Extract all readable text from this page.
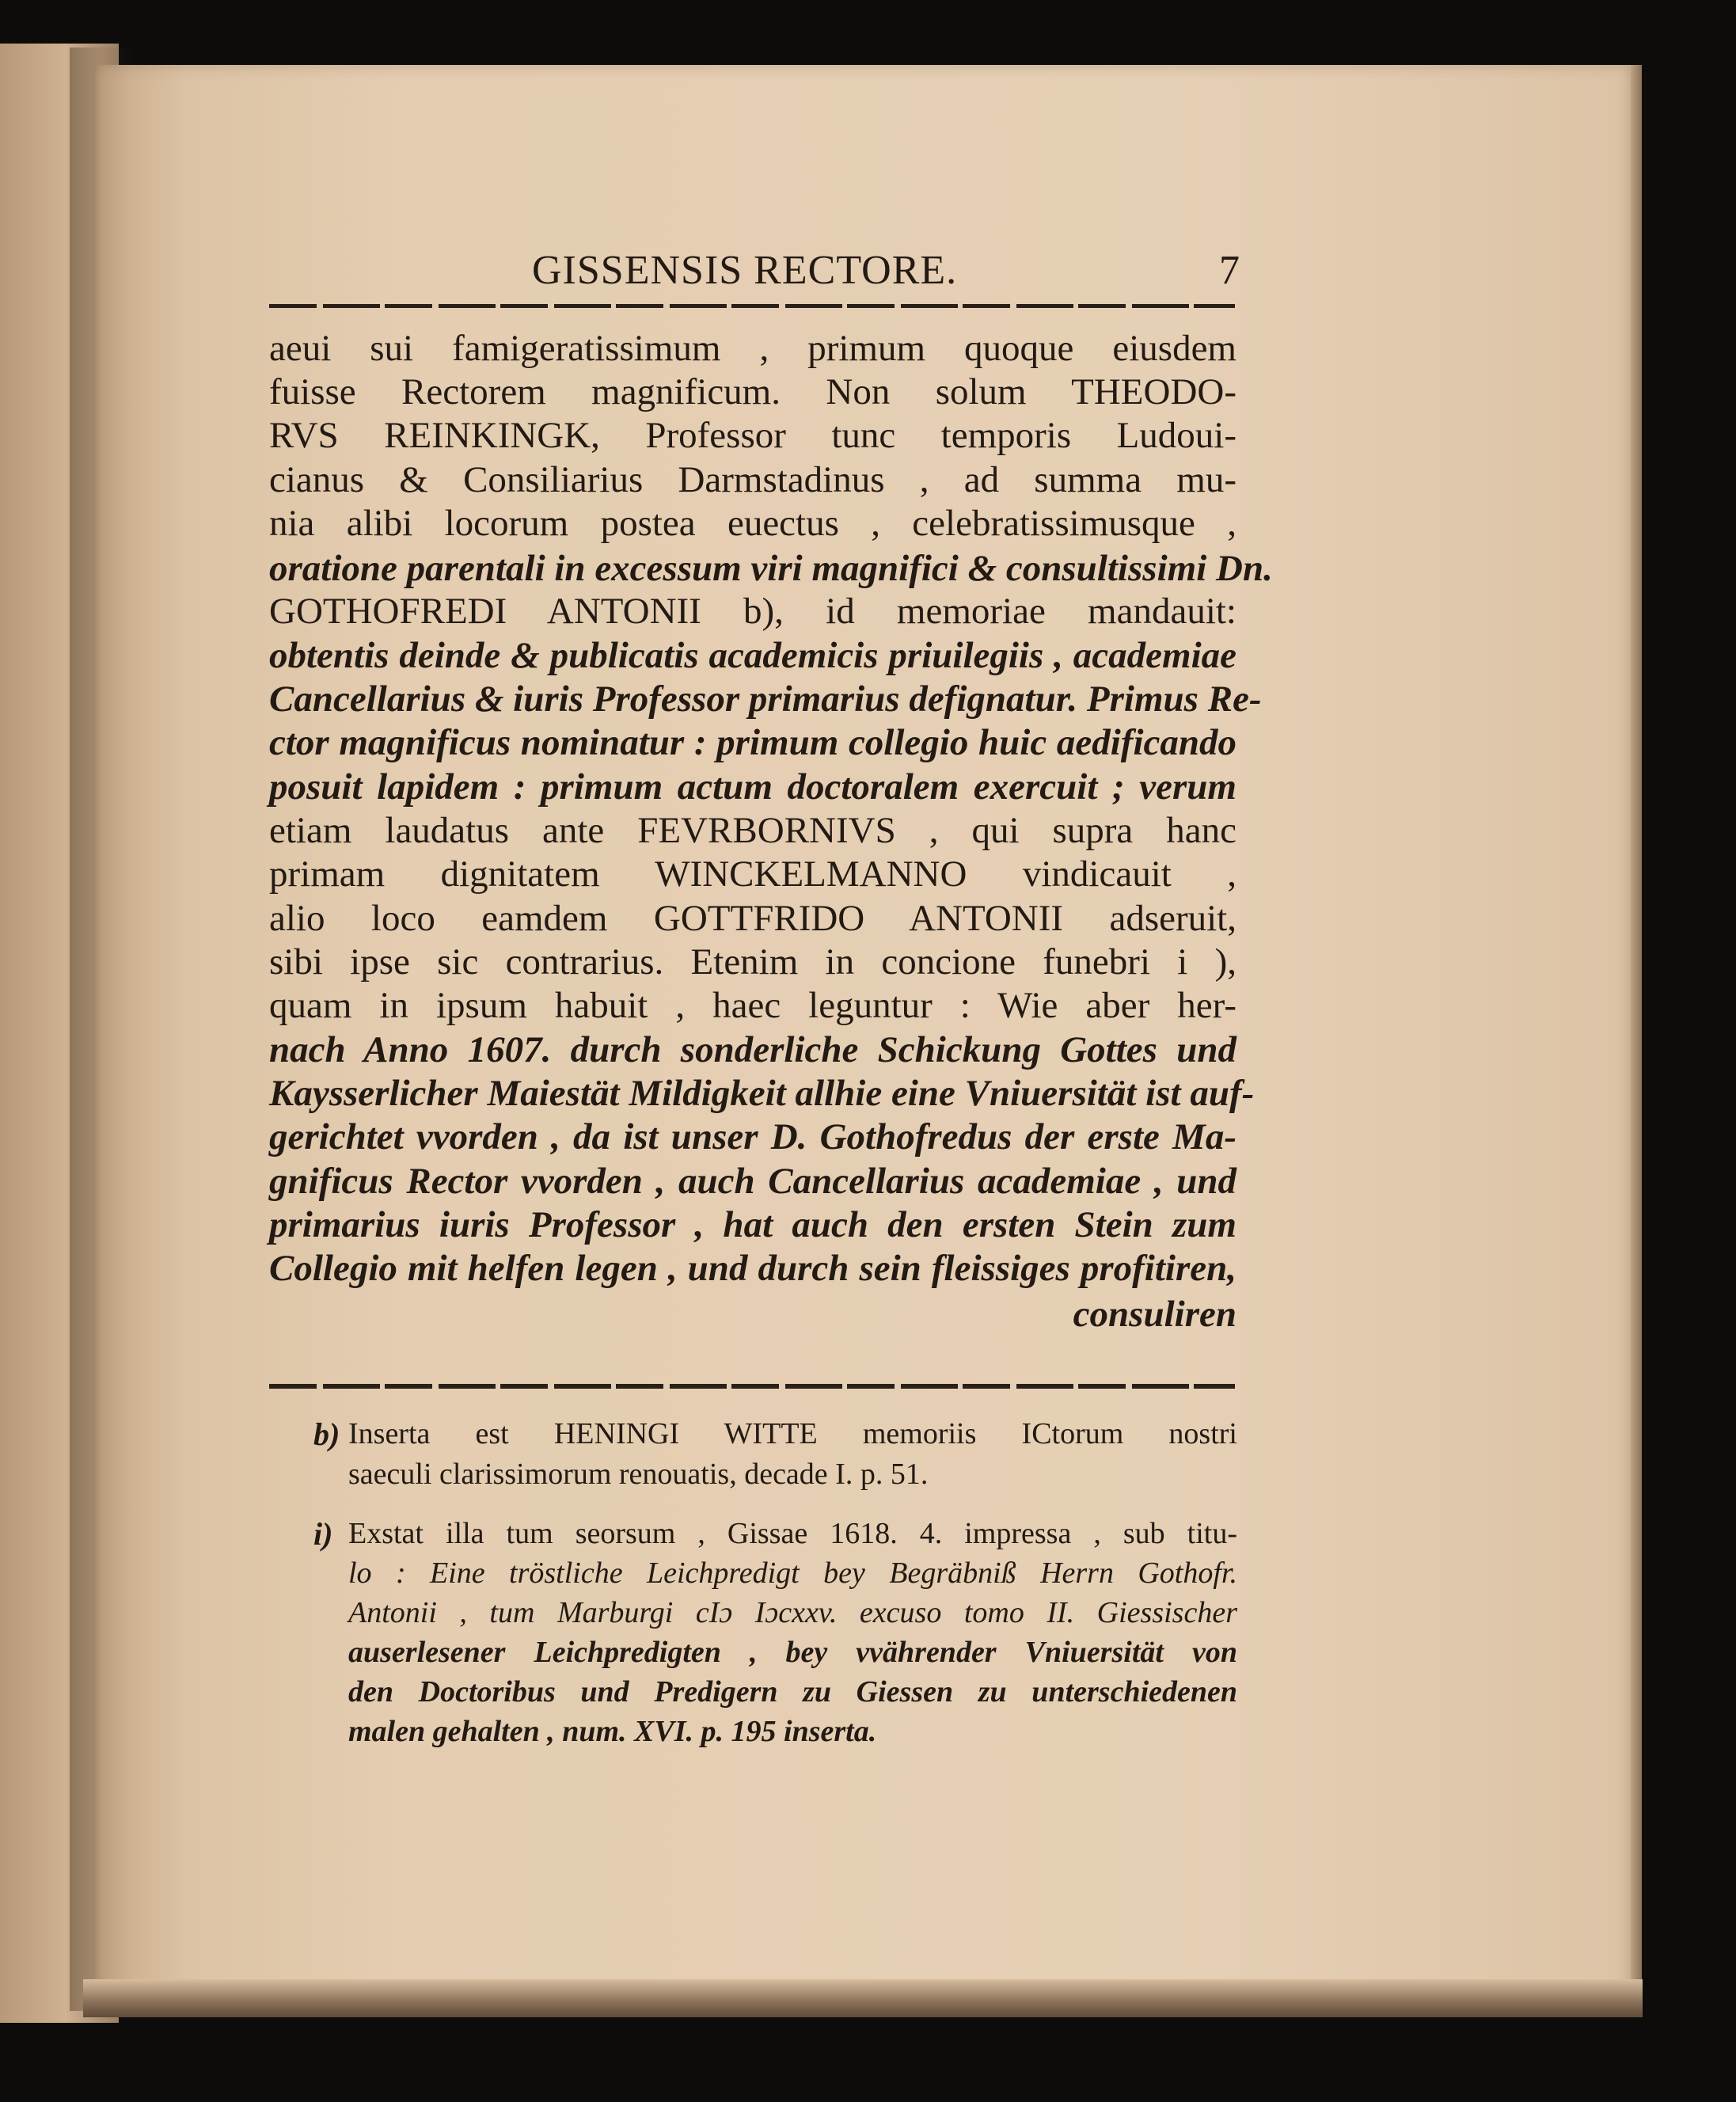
GISSENSIS RECTORE.	7
aeui sui famigeratissimum , primum quoque eiusdem
fuisse Rectorem magnificum. Non solum THEODO-
RVS REINKINGK, Professor tunc temporis Ludoui-
cianus & Consiliarius Darmstadinus , ad summa mu-
nia alibi locorum postea euectus , celebratissimusque ,
oratione parentali in excessum viri magnifici & consultissimi Dn.
GOTHOFREDI ANTONII b), id memoriae mandauit:
obtentis deinde & publicatis academicis priuilegiis , academiae
Cancellarius & iuris Professor primarius defignatur. Primus Re-
ctor magnificus nominatur : primum collegio huic aedificando
posuit lapidem : primum actum doctoralem exercuit ; verum
etiam laudatus ante FEVRBORNIVS , qui supra hanc
primam dignitatem WINCKELMANNO vindicauit ,
alio loco eamdem GOTTFRIDO ANTONII adseruit,
sibi ipse sic contrarius. Etenim in concione funebri i ),
quam in ipsum habuit , haec leguntur : Wie aber her-
nach Anno 1607. durch sonderliche Schickung Gottes und
Kaysserlicher Maiestät Mildigkeit allhie eine Vniuersität ist auf-
gerichtet vvorden , da ist unser D. Gothofredus der erste Ma-
gnificus Rector vvorden , auch Cancellarius academiae , und
primarius iuris Professor , hat auch den ersten Stein zum
Collegio mit helfen legen , und durch sein fleissiges profitiren,
consuliren
b) Inserta est HENINGI WITTE memoriis ICtorum nostri
saeculi clarissimorum renouatis, decade I. p. 51.
i) Exstat illa tum seorsum , Gissae 1618. 4. impressa , sub titu-
lo : Eine tröstliche Leichpredigt bey Begräbniß Herrn Gothofr.
Antonii , tum Marburgi cIɔ Iɔcxxv. excuso tomo II. Giessischer
auserlesener Leichpredigten , bey vvährender Vniuersität von
den Doctoribus und Predigern zu Giessen zu unterschiedenen
malen gehalten , num. XVI. p. 195 inserta.
